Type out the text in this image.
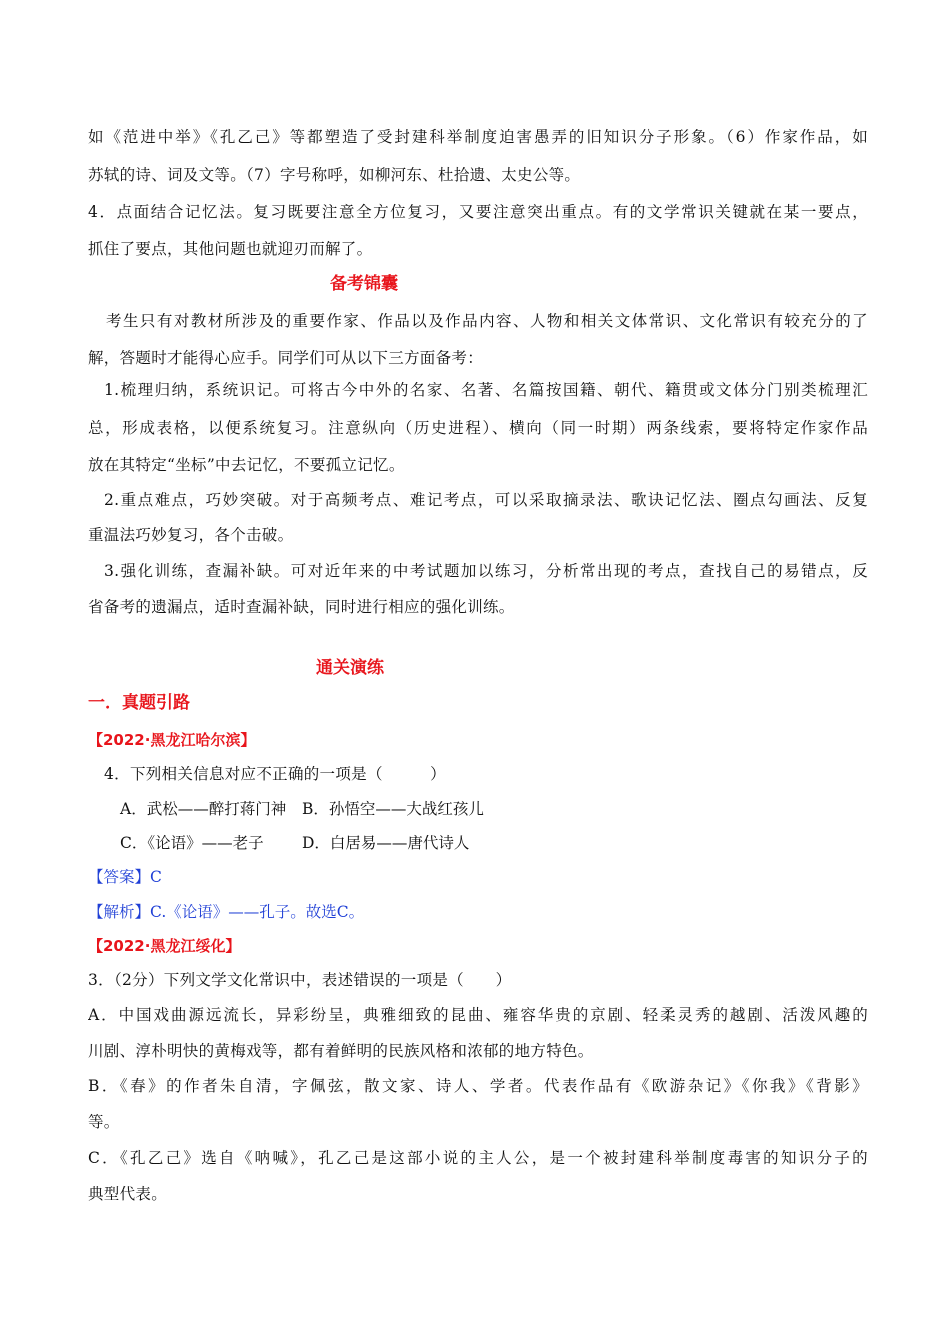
如《范进中举》《孔乙己》等都塑造了受封建科举制度迫害愚弄的旧知识分子形象。（6）作家作品，如
苏轼的诗、词及文等。（7）字号称呼，如柳河东、杜拾遗、太史公等。
4．点面结合记忆法。复习既要注意全方位复习，又要注意突出重点。有的文学常识关键就在某一要点，
抓住了要点，其他问题也就迎刃而解了。
备考锦囊
考生只有对教材所涉及的重要作家、作品以及作品内容、人物和相关文体常识、文化常识有较充分的了
解，答题时才能得心应手。同学们可从以下三方面备考：
1.梳理归纳，系统识记。可将古今中外的名家、名著、名篇按国籍、朝代、籍贯或文体分门别类梳理汇
总，形成表格，以便系统复习。注意纵向（历史进程）、横向（同一时期）两条线索，要将特定作家作品
放在其特定“坐标”中去记忆，不要孤立记忆。
2.重点难点，巧妙突破。对于高频考点、难记考点，可以采取摘录法、歌诀记忆法、圈点勾画法、反复
重温法巧妙复习，各个击破。
3.强化训练，查漏补缺。可对近年来的中考试题加以练习，分析常出现的考点，查找自己的易错点，反
省备考的遗漏点，适时查漏补缺，同时进行相应的强化训练。
通关演练
一．真题引路
【2022·黑龙江哈尔滨】
4．下列相关信息对应不正确的一项是（　　　）
A．武松——醉打蒋门神 B．孙悟空——大战红孩儿
C．《论语》——老子 D．白居易——唐代诗人
【答案】C
【解析】C.《论语》——孔子。故选C。
【2022·黑龙江绥化】
3．（2分）下列文学文化常识中，表述错误的一项是（　　）
A．中国戏曲源远流长，异彩纷呈，典雅细致的昆曲、雍容华贵的京剧、轻柔灵秀的越剧、活泼风趣的
川剧、淳朴明快的黄梅戏等，都有着鲜明的民族风格和浓郁的地方特色。
B．《春》的作者朱自清，字佩弦，散文家、诗人、学者。代表作品有《欧游杂记》《你我》《背影》
等。
C．《孔乙己》选自《呐喊》，孔乙己是这部小说的主人公，是一个被封建科举制度毒害的知识分子的
典型代表。
